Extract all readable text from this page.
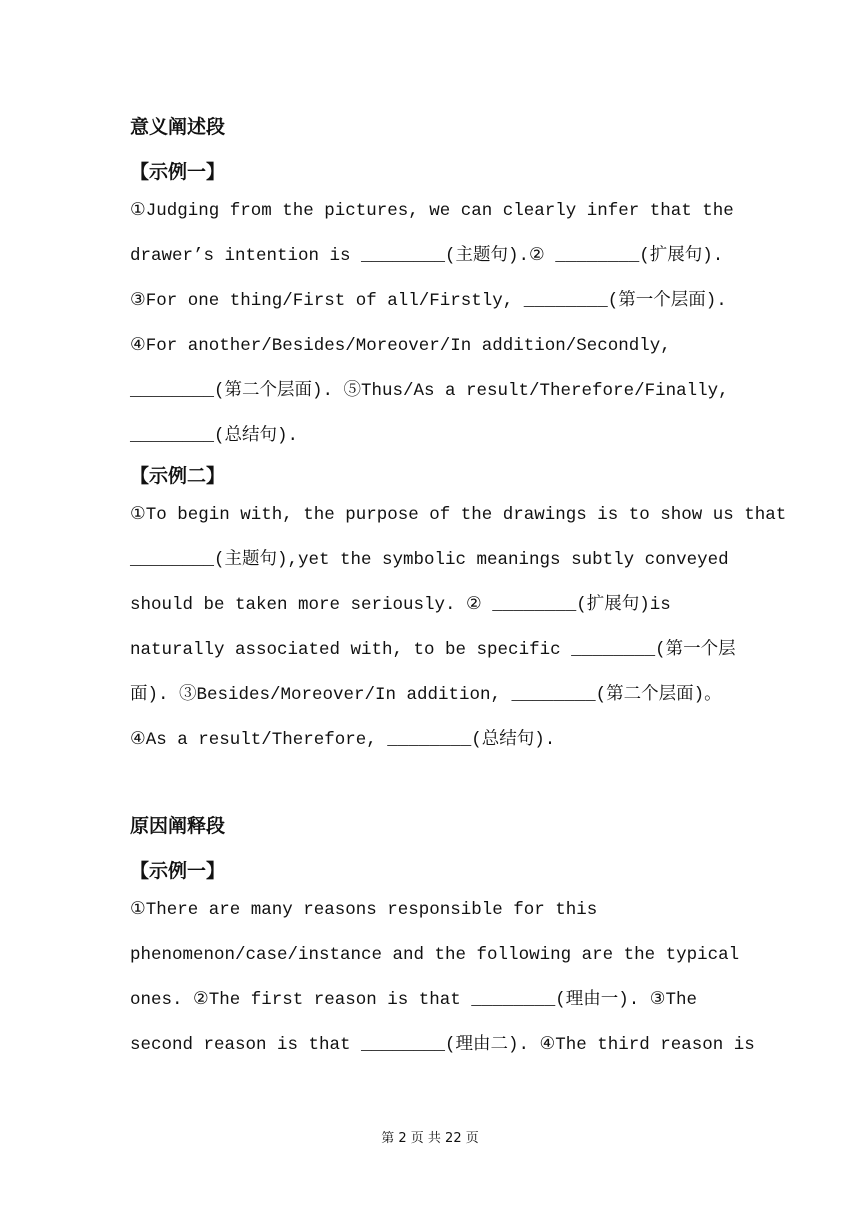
意义阐述段

【示例一】

①Judging from the pictures, we can clearly infer that the

drawer’s intention is ________(主题句).② ________(扩展句).

③For one thing/First of all/Firstly, ________(第一个层面).

④For another/Besides/Moreover/In addition/Secondly,

________(第二个层面). ⑤Thus/As a result/Therefore/Finally,

________(总结句).

【示例二】

①To begin with, the purpose of the drawings is to show us that

________(主题句),yet the symbolic meanings subtly conveyed

should be taken more seriously. ② ________(扩展句)is

naturally associated with, to be specific ________(第一个层

面). ③Besides/Moreover/In addition, ________(第二个层面)。

④As a result/Therefore, ________(总结句).

原因阐释段

【示例一】

①There are many reasons responsible for this

phenomenon/case/instance and the following are the typical

ones. ②The first reason is that ________(理由一). ③The

second reason is that ________(理由二). ④The third reason is

第 2 页 共 22 页
